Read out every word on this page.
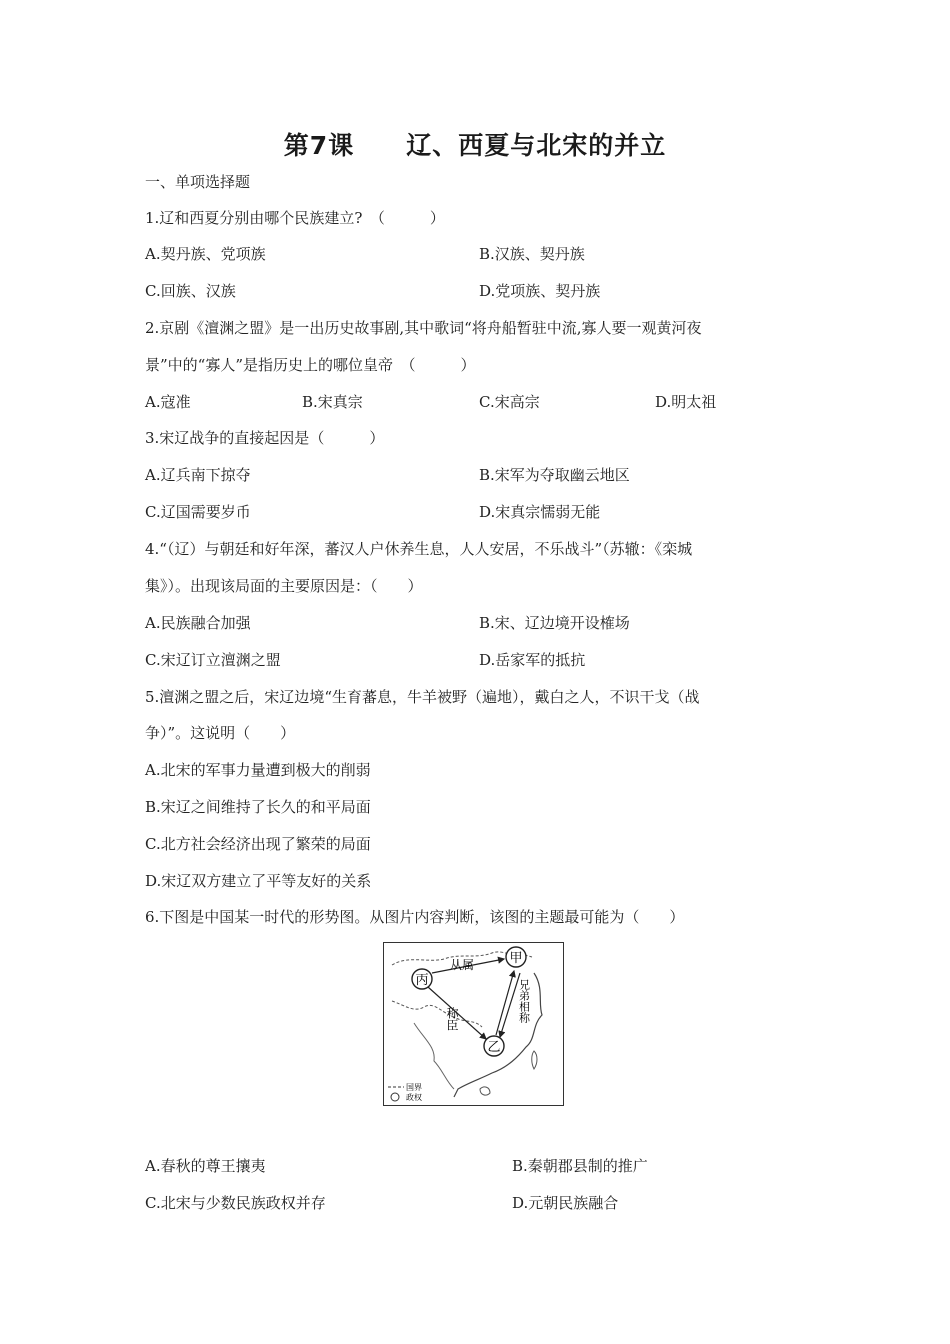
第7课　　辽、西夏与北宋的并立
一、单项选择题
1.辽和西夏分别由哪个民族建立?　（　　　）
A.契丹族、党项族	B.汉族、契丹族
C.回族、汉族	D.党项族、契丹族
2.京剧《澶渊之盟》是一出历史故事剧,其中歌词“将舟船暂驻中流,寡人要一观黄河夜
景”中的“寡人”是指历史上的哪位皇帝　（　　　）
A.寇准	B.宋真宗	C.宋高宗	D.明太祖
3.宋辽战争的直接起因是（　　　）
A.辽兵南下掠夺	B.宋军为夺取幽云地区
C.辽国需要岁币	D.宋真宗懦弱无能
4.“（辽）与朝廷和好年深，蕃汉人户休养生息，人人安居，不乐战斗”（苏辙：《栾城
集》）。出现该局面的主要原因是：（　　）
A.民族融合加强	B.宋、辽边境开设榷场
C.宋辽订立澶渊之盟	D.岳家军的抵抗
5.澶渊之盟之后，宋辽边境“生育蕃息，牛羊被野（遍地），戴白之人，不识干戈（战
争）”。这说明（　　）
A.北宋的军事力量遭到极大的削弱
B.宋辽之间维持了长久的和平局面
C.北方社会经济出现了繁荣的局面
D.宋辽双方建立了平等友好的关系
6.下图是中国某一时代的形势图。从图片内容判断，该图的主题最可能为（　　）
甲
丙
乙
从属
称臣	兄弟相称
国界
政权
A.春秋的尊王攘夷	B.秦朝郡县制的推广
C.北宋与少数民族政权并存	D.元朝民族融合
